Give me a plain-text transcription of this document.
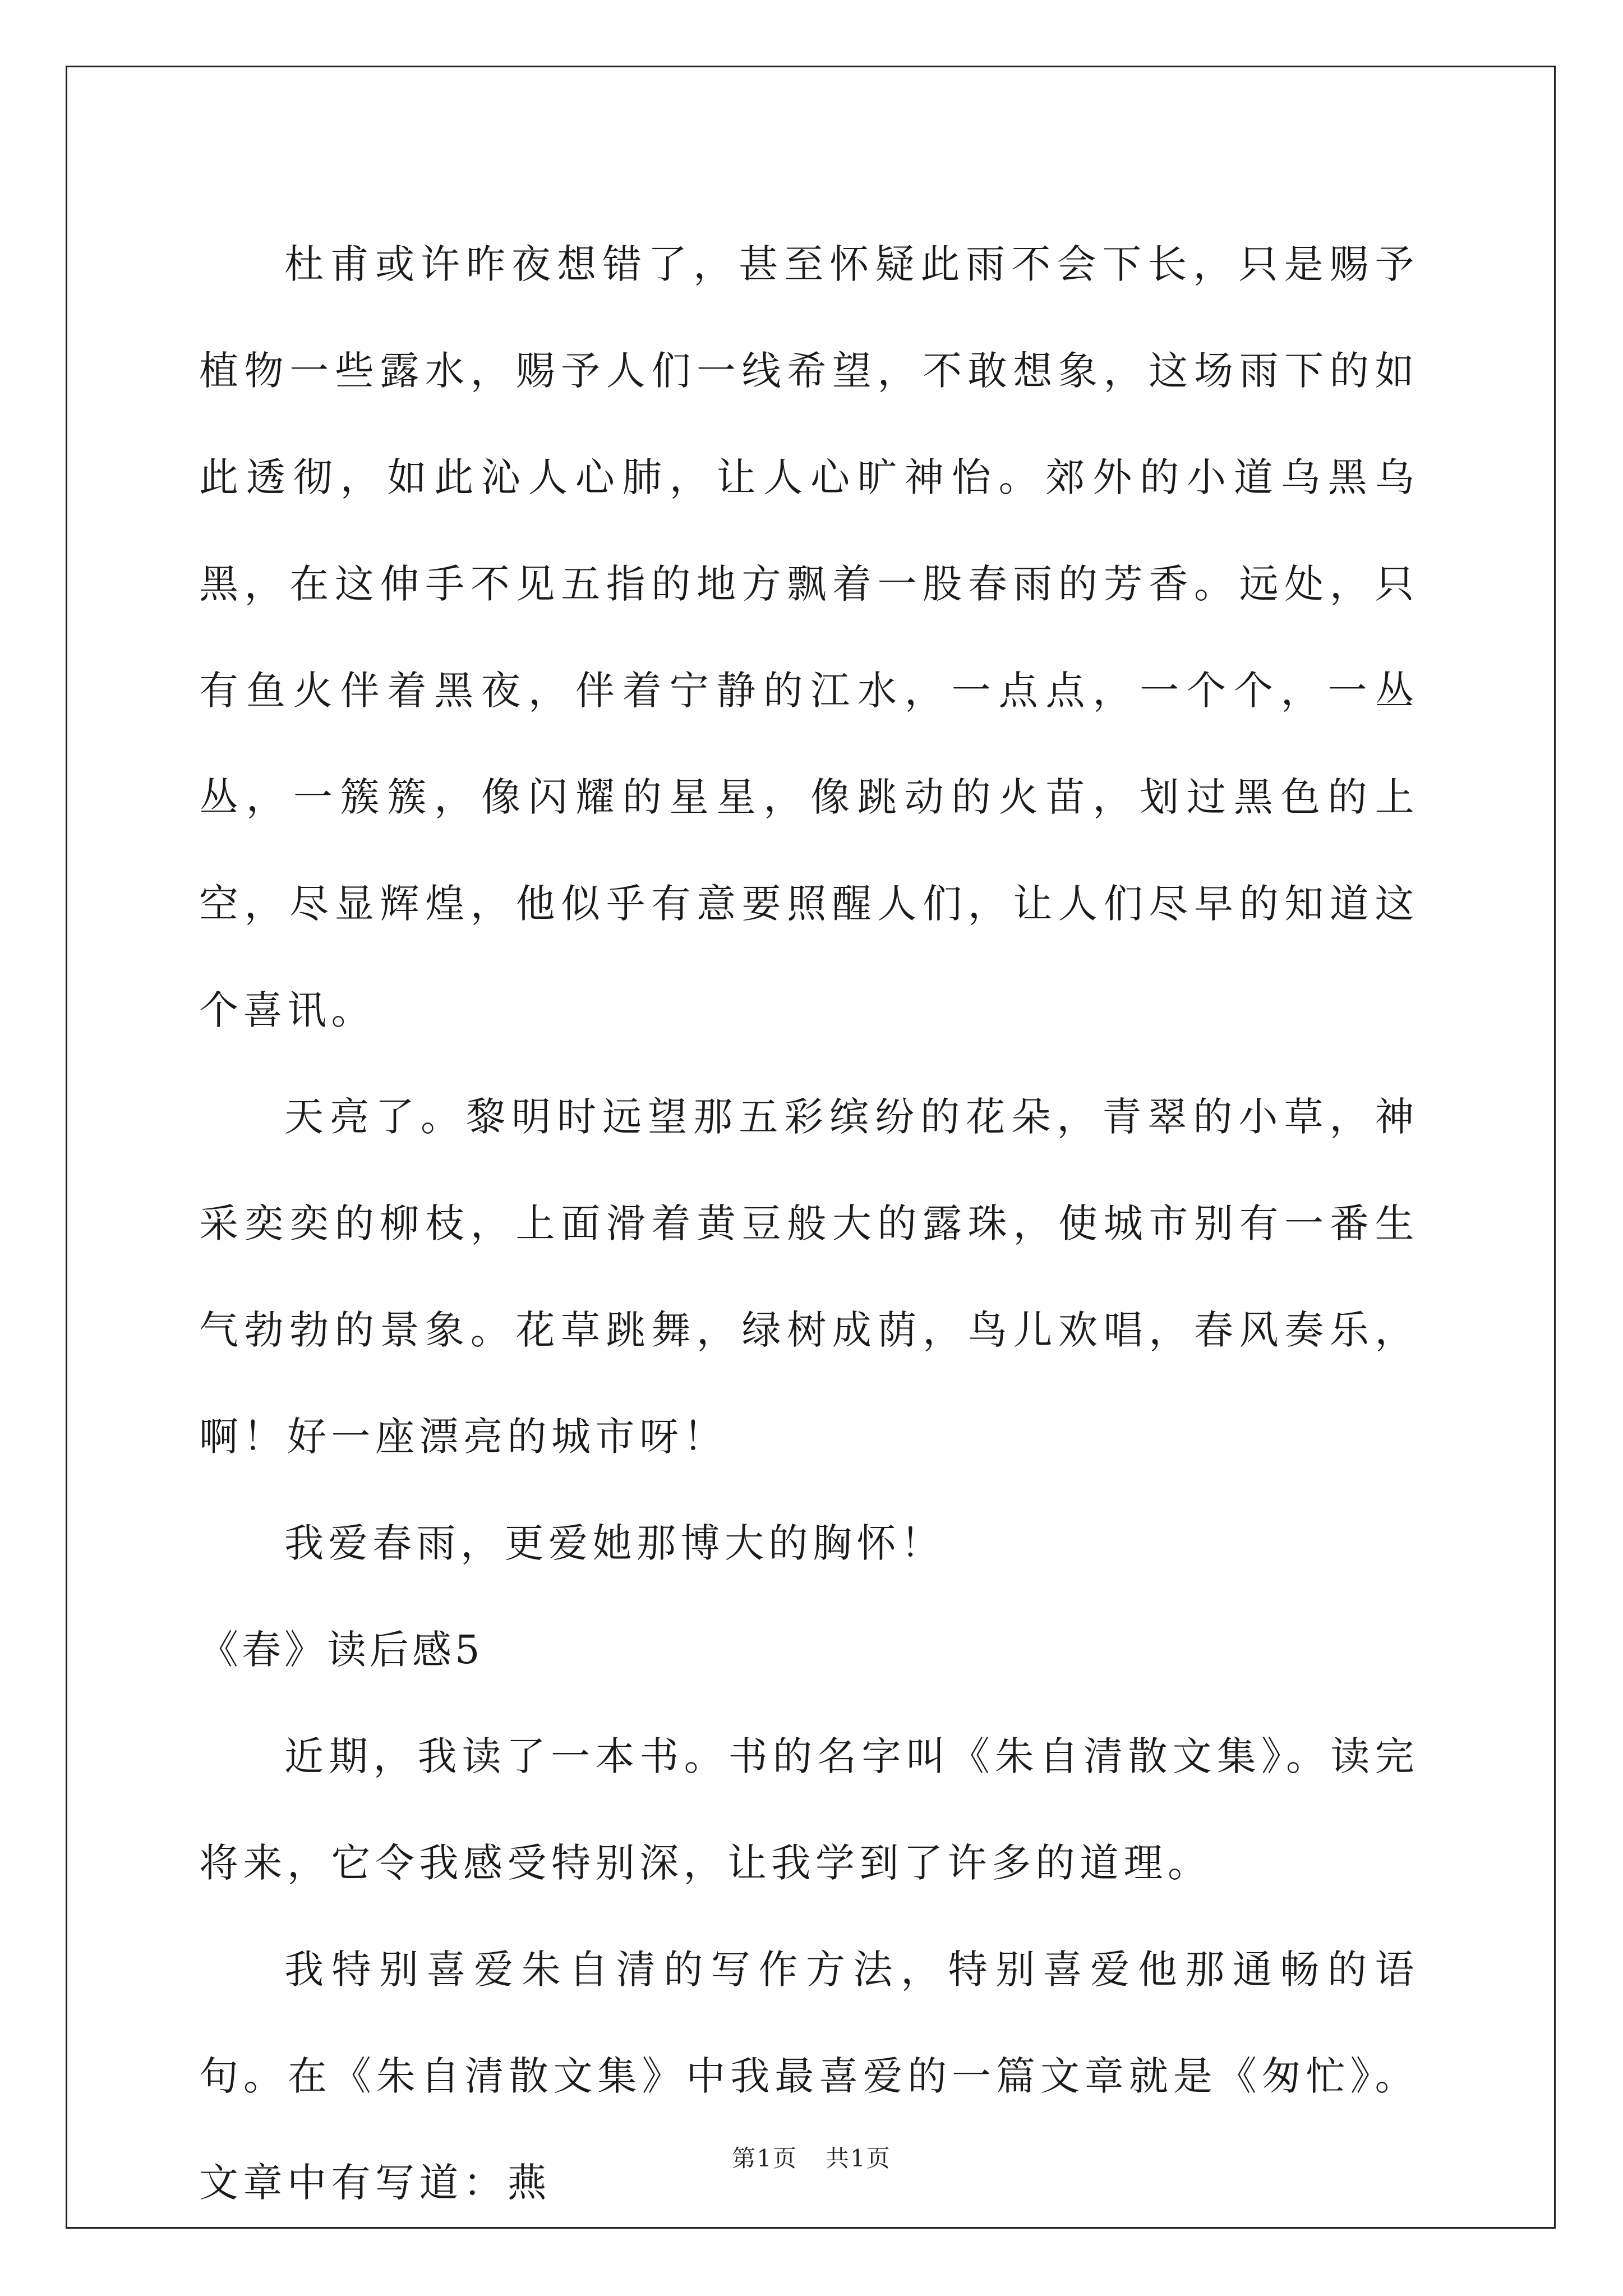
杜甫或许昨夜想错了，甚至怀疑此雨不会下长，只是赐予植物一些露水，赐予人们一线希望，不敢想象，这场雨下的如此透彻，如此沁人心肺，让人心旷神怡。郊外的小道乌黑乌黑，在这伸手不见五指的地方飘着一股春雨的芳香。远处，只有鱼火伴着黑夜，伴着宁静的江水，一点点，一个个，一丛丛，一簇簇，像闪耀的星星，像跳动的火苗，划过黑色的上空，尽显辉煌，他似乎有意要照醒人们，让人们尽早的知道这个喜讯。

天亮了。黎明时远望那五彩缤纷的花朵，青翠的小草，神采奕奕的柳枝，上面滑着黄豆般大的露珠，使城市别有一番生气勃勃的景象。花草跳舞，绿树成荫，鸟儿欢唱，春风奏乐，啊！好一座漂亮的城市呀！

我爱春雨，更爱她那博大的胸怀！

《春》读后感5

近期，我读了一本书。书的名字叫《朱自清散文集》。读完将来，它令我感受特别深，让我学到了许多的道理。

我特别喜爱朱自清的写作方法，特别喜爱他那通畅的语句。在《朱自清散文集》中我最喜爱的一篇文章就是《匆忙》。文章中有写道：燕

第1页 共1页
